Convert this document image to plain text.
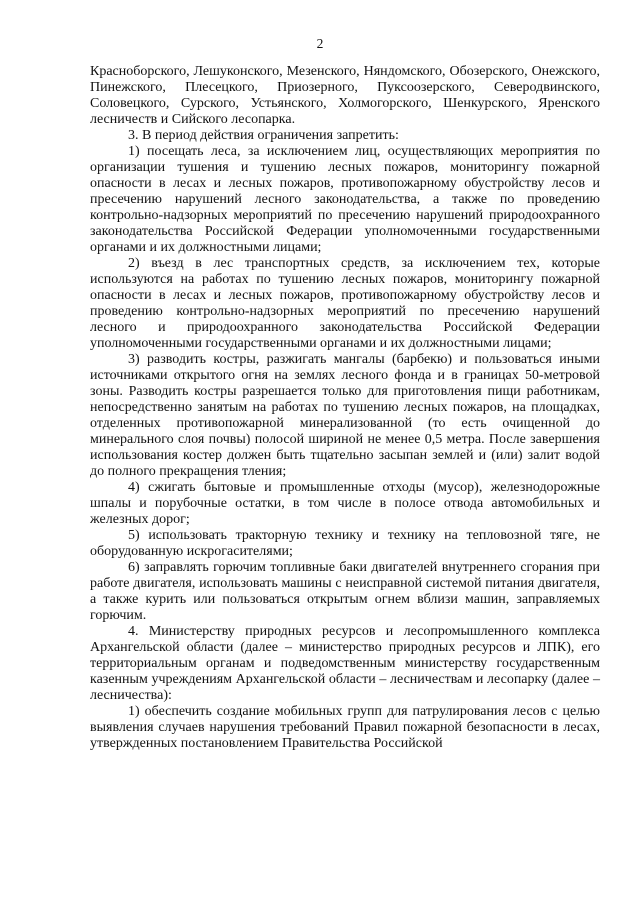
2

Красноборского, Лешуконского, Мезенского, Няндомского, Обозерского, Онежского, Пинежского, Плесецкого, Приозерного, Пуксоозерского, Северодвинского, Соловецкого, Сурского, Устьянского, Холмогорского, Шенкурского, Яренского лесничеств и Сийского лесопарка.

3. В период действия ограничения запретить:

1) посещать леса, за исключением лиц, осуществляющих мероприятия по организации тушения и тушению лесных пожаров, мониторингу пожарной опасности в лесах и лесных пожаров, противопожарному обустройству лесов и пресечению нарушений лесного законодательства, а также по проведению контрольно-надзорных мероприятий по пресечению нарушений природоохранного законодательства Российской Федерации уполномоченными государственными органами и их должностными лицами;

2) въезд в лес транспортных средств, за исключением тех, которые используются на работах по тушению лесных пожаров, мониторингу пожарной опасности в лесах и лесных пожаров, противопожарному обустройству лесов и проведению контрольно-надзорных мероприятий по пресечению нарушений лесного и природоохранного законодательства Российской Федерации уполномоченными государственными органами и их должностными лицами;

3) разводить костры, разжигать мангалы (барбекю) и пользоваться иными источниками открытого огня на землях лесного фонда и в границах 50-метровой зоны. Разводить костры разрешается только для приготовления пищи работникам, непосредственно занятым на работах по тушению лесных пожаров, на площадках, отделенных противопожарной минерализованной (то есть очищенной до минерального слоя почвы) полосой шириной не менее 0,5 метра. После завершения использования костер должен быть тщательно засыпан землей и (или) залит водой до полного прекращения тления;

4) сжигать бытовые и промышленные отходы (мусор), железнодорожные шпалы и порубочные остатки, в том числе в полосе отвода автомобильных и железных дорог;

5) использовать тракторную технику и технику на тепловозной тяге, не оборудованную искрогасителями;

6) заправлять горючим топливные баки двигателей внутреннего сгорания при работе двигателя, использовать машины с неисправной системой питания двигателя, а также курить или пользоваться открытым огнем вблизи машин, заправляемых горючим.

4. Министерству природных ресурсов и лесопромышленного комплекса Архангельской области (далее – министерство природных ресурсов и ЛПК), его территориальным органам и подведомственным министерству государственным казенным учреждениям Архангельской области – лесничествам и лесопарку (далее – лесничества):

1) обеспечить создание мобильных групп для патрулирования лесов с целью выявления случаев нарушения требований Правил пожарной безопасности в лесах, утвержденных постановлением Правительства Российской
